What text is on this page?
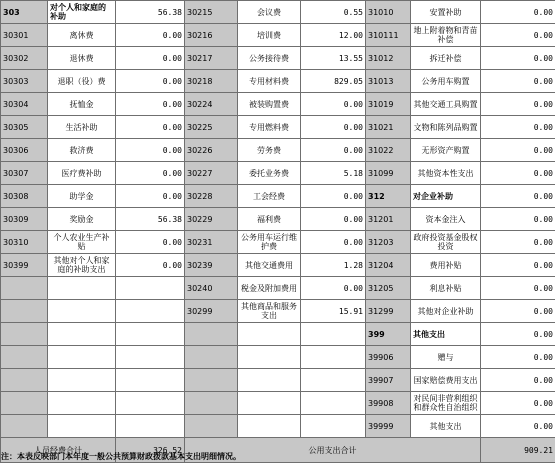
303	对个人和家庭的补助	56.38	30215	会议费	0.55	31010	安置补助	0.00
30301	离休费	0.00	30216	培训费	12.00	310111	地上附着物和青苗补偿	0.00
30302	退休费	0.00	30217	公务接待费	13.55	31012	拆迁补偿	0.00
30303	退职（役）费	0.00	30218	专用材料费	829.05	31013	公务用车购置	0.00
30304	抚恤金	0.00	30224	被装购置费	0.00	31019	其他交通工具购置	0.00
30305	生活补助	0.00	30225	专用燃料费	0.00	31021	文物和陈列品购置	0.00
30306	救济费	0.00	30226	劳务费	0.00	31022	无形资产购置	0.00
30307	医疗费补助	0.00	30227	委托业务费	5.18	31099	其他资本性支出	0.00
30308	助学金	0.00	30228	工会经费	0.00	312	对企业补助	0.00
30309	奖励金	56.38	30229	福利费	0.00	31201	资本金注入	0.00
30310	个人农业生产补贴	0.00	30231	公务用车运行维护费	0.00	31203	政府投资基金股权投资	0.00
30399	其他对个人和家庭的补助支出	0.00	30239	其他交通费用	1.28	31204	费用补贴	0.00
			30240	税金及附加费用	0.00	31205	利息补贴	0.00
			30299	其他商品和服务支出	15.91	31299	其他对企业补助	0.00
						399	其他支出	0.00
						39906	赠与	0.00
						39907	国家赔偿费用支出	0.00
						39908	对民间非营利组织和群众性自治组织	0.00
						39999	其他支出	0.00
人员经费合计		326.52	公用支出合计					909.21
注：本表反映部门本年度一般公共预算财政拨款基本支出明细情况。
